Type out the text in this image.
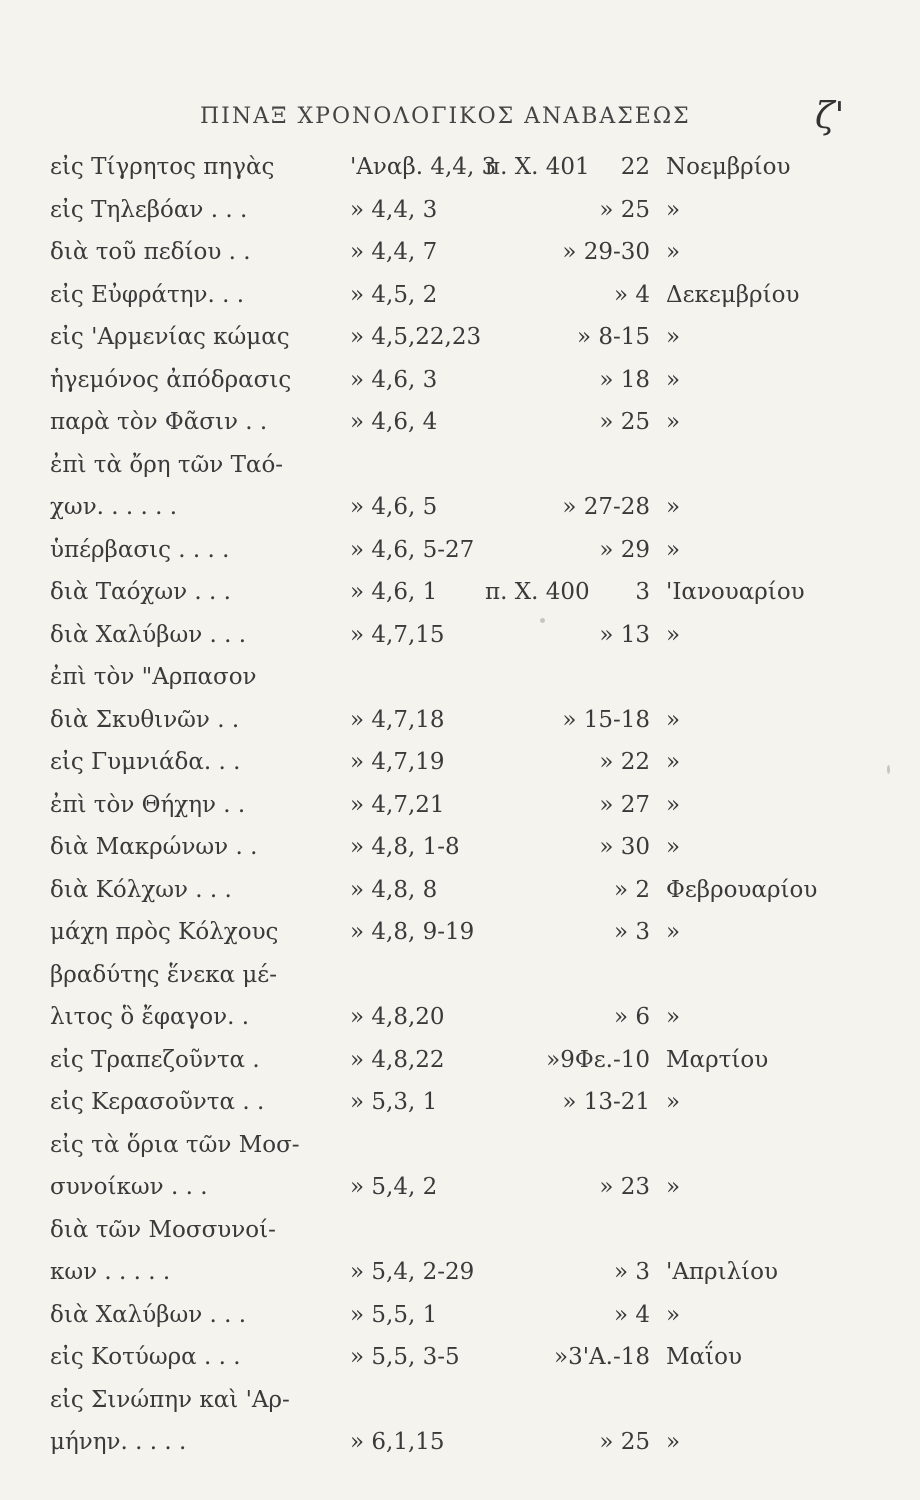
ΠΙΝΑΞ ΧΡΟΝΟΛΟΓΙΚΟΣ ΑΝΑΒΑΣΕΩΣ	ζ'
εἰς Τίγρητος πηγὰς	'Αναβ. 4,4, 3
π. Χ. 401	22 Νοεμβρίου
εἰς Τηλεβόαν . . .	» 4,4, 3	» 25 »
διὰ τοῦ πεδίου . .	» 4,4, 7	» 29-30 »
εἰς Εὐφράτην. . .	» 4,5, 2	» 4 Δεκεμβρίου
εἰς 'Αρμενίας κώμας	» 4,5,22,23	» 8-15 »
ἡγεμόνος ἀπόδρασις	» 4,6, 3	» 18 »
παρὰ τὸν Φᾶσιν . .	» 4,6, 4	» 25 »
ἐπὶ τὰ ὄρη τῶν Ταό-
χων. . . . . .	» 4,6, 5	» 27-28 »
ὑπέρβασις . . . .	» 4,6, 5-27	» 29 »
διὰ Ταόχων . . .	» 4,6, 1 π. Χ. 400	3 'Ιανουαρίου
διὰ Χαλύβων . . .	» 4,7,15	» 13 »
ἐπὶ τὸν "Αρπασον
διὰ Σκυθινῶν . .	» 4,7,18	» 15-18 »
εἰς Γυμνιάδα. . .	» 4,7,19	» 22 »
ἐπὶ τὸν Θήχην . .	» 4,7,21	» 27 »
διὰ Μακρώνων . .	» 4,8, 1-8	» 30 »
διὰ Κόλχων . . .	» 4,8, 8	» 2 Φεβρουαρίου
μάχη πρὸς Κόλχους	» 4,8, 9-19	» 3 »
βραδύτης ἕνεκα μέ-
λιτος ὃ ἔφαγον. .	» 4,8,20	» 6 »
εἰς Τραπεζοῦντα .	» 4,8,22	»9Φε.-10 Μαρτίου
εἰς Κερασοῦντα . .	» 5,3, 1	» 13-21 »
εἰς τὰ ὅρια τῶν Μοσ-
συνοίκων . . .	» 5,4, 2	» 23 »
διὰ τῶν Μοσσυνοί-
κων . . . . .	» 5,4, 2-29	» 3 'Απριλίου
διὰ Χαλύβων . . .	» 5,5, 1	» 4 »
εἰς Κοτύωρα . . .	» 5,5, 3-5	»3'Α.-18 Μαΐου
εἰς Σινώπην καὶ 'Αρ-
μήνην. . . . .	» 6,1,15	» 25 »
